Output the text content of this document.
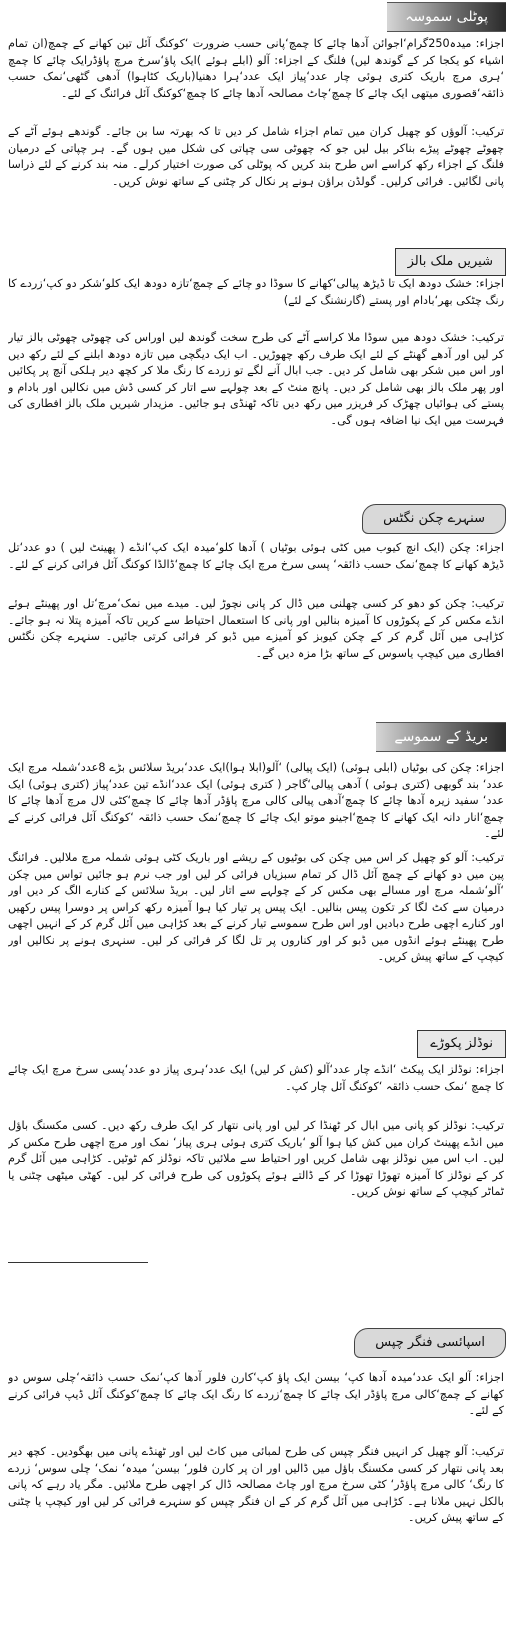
پوٹلی سموسہ

اجزاء: میدہ250گرام‘اجوائن آدھا چائے کا چمچ‘پانی حسب ضرورت ‘کوکنگ آئل تین کھانے کے چمچ(ان تمام اشیاء کو یکجا کر کے گوندھ لیں) فلنگ کے اجزاء: آلو (ابلے ہوئے )ایک پاؤ‘سرخ مرچ پاؤڈرایک چائے کا چمچ ‘ہری مرچ باریک کتری ہوئی چار عدد‘پیاز ایک عدد‘ہرا دھنیا(باریک کٹاہوا) آدھی گٹھی‘نمک حسب ذائقہ‘قصوری میتھی ایک چائے کا چمچ‘چاٹ مصالحہ آدھا چائے کا چمچ‘کوکنگ آئل فرائنگ کے لئے۔

ترکیب: آلوؤں کو چھیل کران میں تمام اجزاء شامل کر دیں تا کہ بھرتہ سا بن جائے۔ گوندھے ہوئے آٹے کے چھوٹے چھوٹے پیڑے بناکر بیل لیں جو کہ چھوٹی سی چپاتی کی شکل میں ہوں گے۔ ہر چپاتی کے درمیان فلنگ کے اجزاء رکھ کراسے اس طرح بند کریں کہ پوٹلی کی صورت اختیار کرلے۔ منہ بند کرنے کے لئے ذراسا پانی لگائیں۔ فرائی کرلیں۔ گولڈن براؤن ہونے پر نکال کر چٹنی کے ساتھ نوش کریں۔

شیریں ملک بالز

اجزاء: خشک دودھ ایک تا ڈیڑھ پیالی‘کھانے کا سوڈا دو چائے کے چمچ‘تازہ دودھ ایک کلو‘شکر دو کپ‘زردے کا رنگ چٹکی بھر‘بادام اور پستے (گارنشنگ کے لئے)

ترکیب: خشک دودھ میں سوڈا ملا کراسے آٹے کی طرح سخت گوندھ لیں اوراس کی چھوٹی چھوٹی بالز تیار کر لیں اور آدھے گھنٹے کے لئے ایک طرف رکھ چھوڑیں۔ اب ایک دیگچی میں تازہ دودھ ابلنے کے لئے رکھ دیں اور اس میں شکر بھی شامل کر دیں۔ جب ابال آنے لگے تو زردے کا رنگ ملا کر کچھ دیر ہلکی آنچ پر پکائیں اور پھر ملک بالز بھی شامل کر دیں۔ پانچ منٹ کے بعد چولہے سے اتار کر کسی ڈش میں نکالیں اور بادام و پستے کی ہوائیاں چھڑک کر فریزر میں رکھ دیں تاکہ ٹھنڈی ہو جائیں۔ مزیدار شیریں ملک بالز افطاری کی فہرست میں ایک نیا اضافہ ہوں گی۔

سنہرے چکن نگٹس

اجزاء: چکن (ایک انچ کیوب میں کٹی ہوئی بوٹیاں ) آدھا کلو‘میدہ ایک کپ‘انڈے ( پھینٹ لیں ) دو عدد‘تل ڈیڑھ کھانے کا چمچ‘نمک حسب ذائقہ‘ پسی سرخ مرچ ایک چائے کا چمچ‘ڈالڈا کوکنگ آئل فرائی کرنے کے لئے۔

ترکیب: چکن کو دھو کر کسی چھلنی میں ڈال کر پانی نچوڑ لیں۔ میدے میں نمک‘مرچ‘تل اور پھینٹے ہوئے انڈے مکس کر کے پکوڑوں کا آمیزہ بنالیں اور پانی کا استعمال احتیاط سے کریں تاکہ آمیزہ پتلا نہ ہو جائے۔ کڑاہی میں آئل گرم کر کے چکن کیوبز کو آمیزے میں ڈبو کر فرائی کرتی جائیں۔ سنہرے چکن نگٹس افطاری میں کیچپ یاسوس کے ساتھ بڑا مزہ دیں گے۔

بریڈ کے سموسے

اجزاء: چکن کی بوٹیاں (ابلی ہوئی) (ایک پیالی) ‘آلو(ابلا ہوا)ایک عدد‘بریڈ سلائس بڑے 8عدد‘شملہ مرچ ایک عدد‘ بند گوبھی (کتری ہوئی ) آدھی پیالی‘گاجر ( کتری ہوئی) ایک عدد‘انڈے تین عدد‘پیاز (کتری ہوئی) ایک عدد‘ سفید زیرہ آدھا چائے کا چمچ‘آدھی پیالی کالی مرچ پاؤڈر آدھا چائے کا چمچ‘کٹی لال مرچ آدھا چائے کا چمچ‘انار دانہ ایک کھانے کا چمچ‘اجینو موتو ایک چائے کا چمچ‘نمک حسب ذائقہ ‘کوکنگ آئل فرائی کرنے کے لئے۔

ترکیب: آلو کو چھیل کر اس میں چکن کی بوٹیوں کے ریشے اور باریک کٹی ہوئی شملہ مرچ ملالیں۔ فرائنگ پین میں دو کھانے کے چمچ آئل ڈال کر تمام سبزیاں فرائی کر لیں اور جب نرم ہو جائیں تواس میں چکن ‘آلو‘شملہ مرچ اور مسالے بھی مکس کر کے چولہے سے اتار لیں۔ بریڈ سلائس کے کنارے الگ کر دیں اور درمیان سے کٹ لگا کر تکون پیس بنالیں۔ ایک پیس پر تیار کیا ہوا آمیزہ رکھ کراس پر دوسرا پیس رکھیں اور کنارے اچھی طرح دبادیں اور اس طرح سموسے تیار کرنے کے بعد کڑاہی میں آئل گرم کر کے انہیں اچھی طرح پھینٹے ہوئے انڈوں میں ڈبو کر اور کناروں پر تل لگا کر فرائی کر لیں۔ سنہری ہونے پر نکالیں اور کیچپ کے ساتھ پیش کریں۔

نوڈلز پکوڑے

اجزاء: نوڈلز ایک پیکٹ ‘انڈے چار عدد‘آلو (کش کر لیں) ایک عدد‘ہری پیاز دو عدد‘پسی سرخ مرچ ایک چائے کا چمچ ‘نمک حسب ذائقہ ‘کوکنگ آئل چار کپ۔

ترکیب: نوڈلز کو پانی میں ابال کر ٹھنڈا کر لیں اور پانی نتھار کر ایک طرف رکھ دیں۔ کسی مکسنگ باؤل میں انڈے پھینٹ کران میں کش کیا ہوا آلو ‘باریک کتری ہوئی ہری پیاز‘ نمک اور مرچ اچھی طرح مکس کر لیں۔ اب اس میں نوڈلز بھی شامل کریں اور احتیاط سے ملائیں تاکہ نوڈلز کم ٹوٹیں۔ کڑاہی میں آئل گرم کر کے نوڈلز کا آمیزہ تھوڑا تھوڑا کر کے ڈالتے ہوئے پکوڑوں کی طرح فرائی کر لیں۔ کھٹی میٹھی چٹنی یا ٹماٹر کیچپ کے ساتھ نوش کریں۔

اسپائسی فنگر چپس

اجزاء: آلو ایک عدد‘میدہ آدھا کپ‘ بیسن ایک پاؤ کپ‘کارن فلور آدھا کپ‘نمک حسب ذائقہ‘چلی سوس دو کھانے کے چمچ‘کالی مرچ پاؤڈر ایک چائے کا چمچ‘زردے کا رنگ ایک چائے کا چمچ‘کوکنگ آئل ڈیپ فرائی کرنے کے لئے۔

ترکیب: آلو چھیل کر انہیں فنگر چپس کی طرح لمبائی میں کاٹ لیں اور ٹھنڈے پانی میں بھگودیں۔ کچھ دیر بعد پانی نتھار کر کسی مکسنگ باؤل میں ڈالیں اور ان پر کارن فلور‘ بیسن‘ میدہ‘ نمک‘ چلی سوس‘ زردے کا رنگ‘ کالی مرچ پاؤڈر‘ کٹی سرخ مرچ اور چاٹ مصالحہ ڈال کر اچھی طرح ملائیں۔ مگر یاد رہے کہ پانی بالکل نہیں ملانا ہے۔ کڑاہی میں آئل گرم کر کے ان فنگر چپس کو سنہرے فرائی کر لیں اور کیچپ یا چٹنی کے ساتھ پیش کریں۔
